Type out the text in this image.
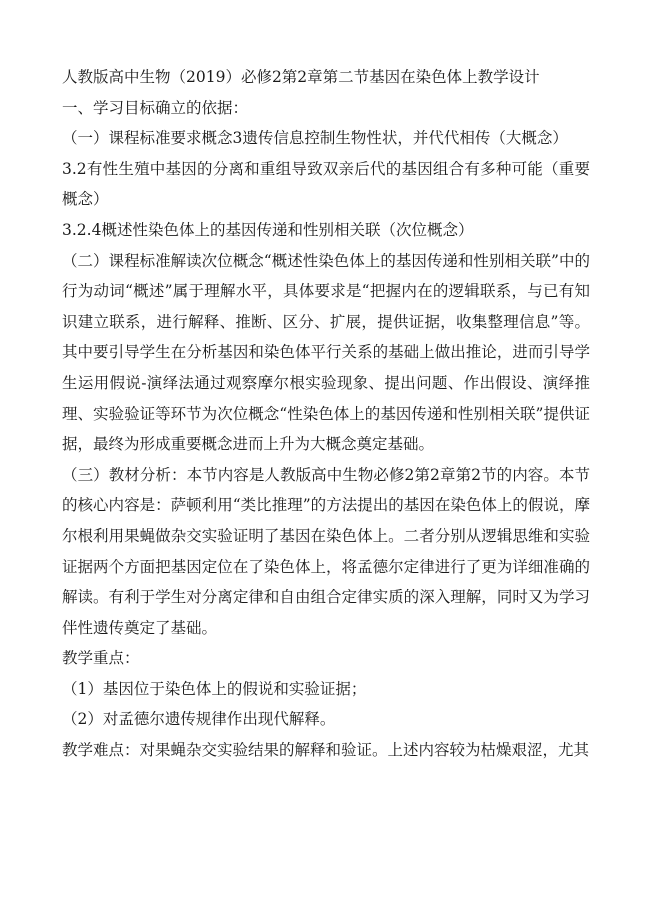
人教版高中生物（2019）必修2第2章第二节基因在染色体上教学设计

一、学习目标确立的依据：

（一）课程标准要求概念3遗传信息控制生物性状，并代代相传（大概念）

3.2有性生殖中基因的分离和重组导致双亲后代的基因组合有多种可能（重要概念）

3.2.4概述性染色体上的基因传递和性别相关联（次位概念）

（二）课程标准解读次位概念“概述性染色体上的基因传递和性别相关联”中的行为动词“概述”属于理解水平，具体要求是“把握内在的逻辑联系，与已有知识建立联系，进行解释、推断、区分、扩展，提供证据，收集整理信息”等。其中要引导学生在分析基因和染色体平行关系的基础上做出推论，进而引导学生运用假说-演绎法通过观察摩尔根实验现象、提出问题、作出假设、演绎推理、实验验证等环节为次位概念“性染色体上的基因传递和性别相关联”提供证据，最终为形成重要概念进而上升为大概念奠定基础。

（三）教材分析：本节内容是人教版高中生物必修2第2章第2节的内容。本节的核心内容是：萨顿利用“类比推理”的方法提出的基因在染色体上的假说，摩尔根利用果蝇做杂交实验证明了基因在染色体上。二者分别从逻辑思维和实验证据两个方面把基因定位在了染色体上，将孟德尔定律进行了更为详细准确的解读。有利于学生对分离定律和自由组合定律实质的深入理解，同时又为学习伴性遗传奠定了基础。

教学重点：

（1）基因位于染色体上的假说和实验证据；

（2）对孟德尔遗传规律作出现代解释。

教学难点：对果蝇杂交实验结果的解释和验证。上述内容较为枯燥艰涩，尤其
